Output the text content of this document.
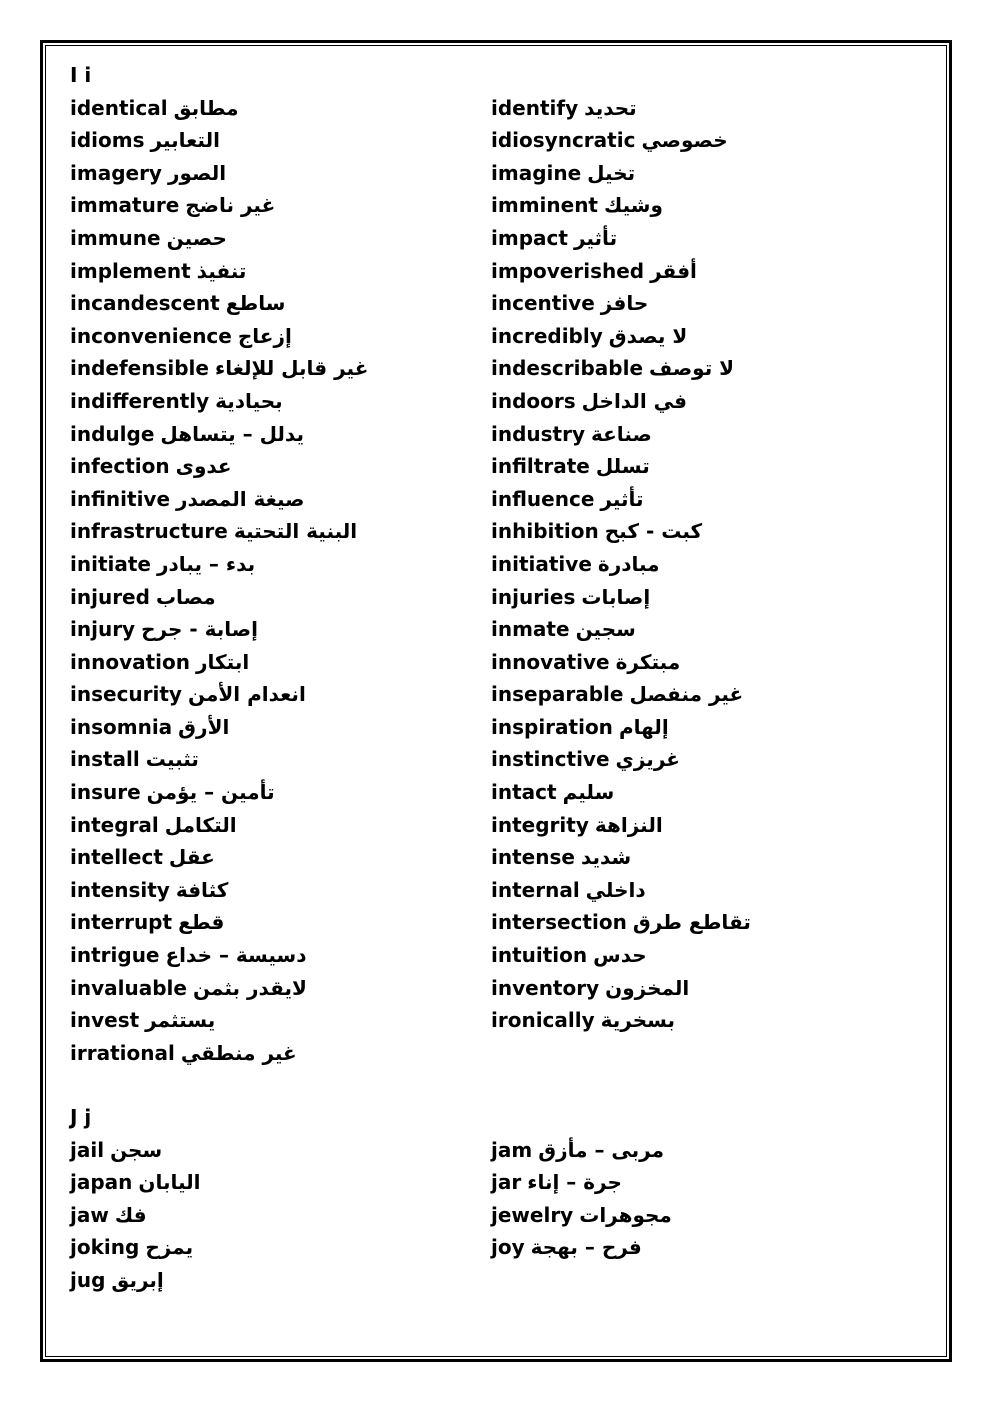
I i
identical مطابق
idioms التعابير
imagery الصور
immature غير ناضج
immune حصين
implement تنفيذ
incandescent ساطع
inconvenience إزعاج
indefensible غير قابل للإلغاء
indifferently بحيادية
indulge يدلل – يتساهل
infection عدوى
infinitive صيغة المصدر
infrastructure البنية التحتية
initiate بدء – يبادر
injured مصاب
injury إصابة - جرح
innovation ابتكار
insecurity انعدام الأمن
insomnia الأرق
install تثبيت
insure تأمين – يؤمن
integral التكامل
intellect عقل
intensity كثافة
interrupt قطع
intrigue دسيسة – خداع
invaluable لايقدر بثمن
invest يستثمر
irrational غير منطقي
identify تحديد
idiosyncratic خصوصي
imagine تخيل
imminent وشيك
impact تأثير
impoverished أفقر
incentive حافز
incredibly لا يصدق
indescribable لا توصف
indoors في الداخل
industry صناعة
infiltrate تسلل
influence تأثير
inhibition كبت - كبح
initiative مبادرة
injuries إصابات
inmate سجين
innovative مبتكرة
inseparable غير منفصل
inspiration إلهام
instinctive غريزي
intact سليم
integrity النزاهة
intense شديد
internal داخلي
intersection تقاطع طرق
intuition حدس
inventory المخزون
ironically بسخرية
J j
jail سجن
japan اليابان
jaw فك
joking يمزح
jug إبريق
jam مربى – مأزق
jar جرة – إناء
jewelry مجوهرات
joy فرح – بهجة
